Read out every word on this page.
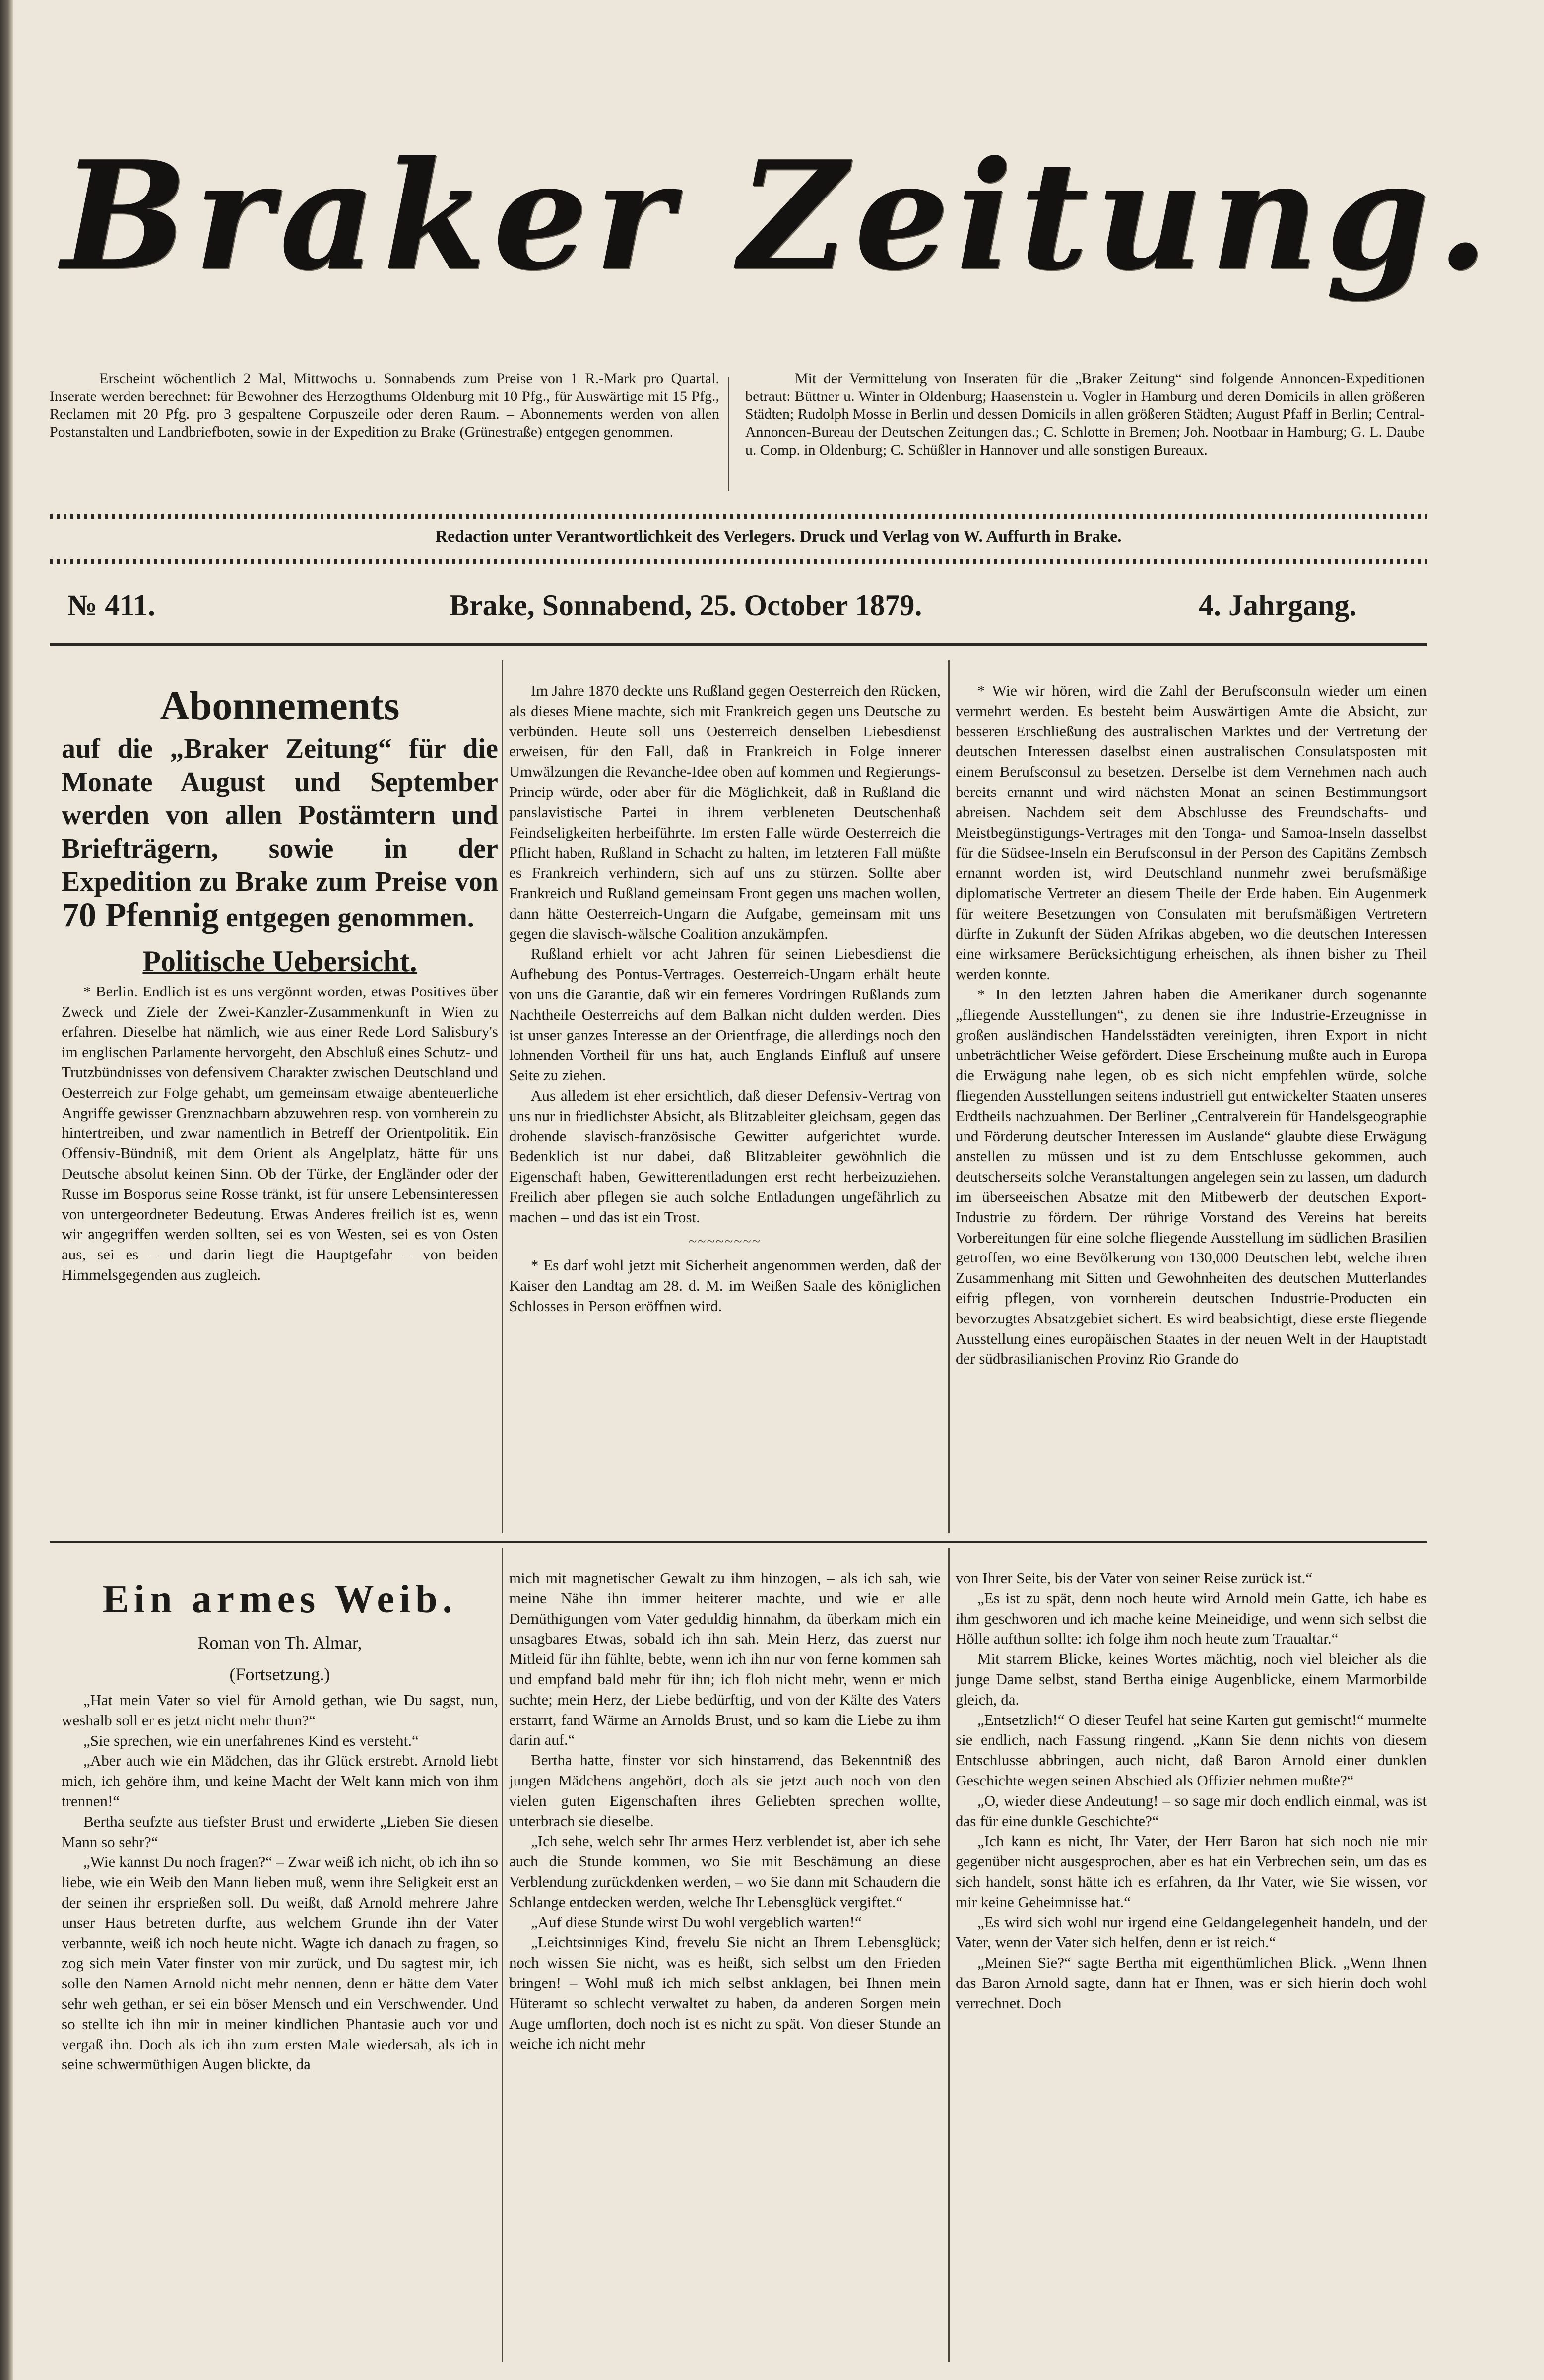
Braker Zeitung.

Erscheint wöchentlich 2 Mal, Mittwochs u. Sonnabends zum Preise von 1 R.-Mark pro Quartal. Inserate werden berechnet: für Bewohner des Herzogthums Oldenburg mit 10 Pfg., für Auswärtige mit 15 Pfg., Reclamen mit 20 Pfg. pro 3 gespaltene Corpuszeile oder deren Raum. – Abonnements werden von allen Postanstalten und Landbriefboten, sowie in der Expedition zu Brake (Grünestraße) entgegen genommen.

Mit der Vermittelung von Inseraten für die „Braker Zeitung“ sind folgende Annoncen-Expeditionen betraut: Büttner u. Winter in Oldenburg; Haasenstein u. Vogler in Hamburg und deren Domicils in allen größeren Städten; Rudolph Mosse in Berlin und dessen Domicils in allen größeren Städten; August Pfaff in Berlin; Central-Annoncen-Bureau der Deutschen Zeitungen das.; C. Schlotte in Bremen; Joh. Nootbaar in Hamburg; G. L. Daube u. Comp. in Oldenburg; C. Schüßler in Hannover und alle sonstigen Bureaux.

Redaction unter Verantwortlichkeit des Verlegers. Druck und Verlag von W. Auffurth in Brake.
№ 411.	Brake, Sonnabend, 25. October 1879.	4. Jahrgang.
Abonnements
auf die „Braker Zeitung“ für die Monate August und September werden von allen Postämtern und Briefträgern, sowie in der Expedition zu Brake zum Preise von 70 Pfennig entgegen genommen.
Politische Uebersicht.

* Berlin. Endlich ist es uns vergönnt worden, etwas Positives über Zweck und Ziele der Zwei-Kanzler-Zusammenkunft in Wien zu erfahren. Dieselbe hat nämlich, wie aus einer Rede Lord Salisbury's im englischen Parlamente hervorgeht, den Abschluß eines Schutz- und Trutzbündnisses von defensivem Charakter zwischen Deutschland und Oesterreich zur Folge gehabt, um gemeinsam etwaige abenteuerliche Angriffe gewisser Grenznachbarn abzuwehren resp. von vornherein zu hintertreiben, und zwar namentlich in Betreff der Orientpolitik. Ein Offensiv-Bündniß, mit dem Orient als Angelplatz, hätte für uns Deutsche absolut keinen Sinn. Ob der Türke, der Engländer oder der Russe im Bosporus seine Rosse tränkt, ist für unsere Lebensinteressen von untergeordneter Bedeutung. Etwas Anderes freilich ist es, wenn wir angegriffen werden sollten, sei es von Westen, sei es von Osten aus, sei es – und darin liegt die Hauptgefahr – von beiden Himmelsgegenden aus zugleich.

Im Jahre 1870 deckte uns Rußland gegen Oesterreich den Rücken, als dieses Miene machte, sich mit Frankreich gegen uns Deutsche zu verbünden. Heute soll uns Oesterreich denselben Liebesdienst erweisen, für den Fall, daß in Frankreich in Folge innerer Umwälzungen die Revanche-Idee oben auf kommen und Regierungs-Princip würde, oder aber für die Möglichkeit, daß in Rußland die panslavistische Partei in ihrem verbleneten Deutschenhaß Feindseligkeiten herbeiführte. Im ersten Falle würde Oesterreich die Pflicht haben, Rußland in Schacht zu halten, im letzteren Fall müßte es Frankreich verhindern, sich auf uns zu stürzen. Sollte aber Frankreich und Rußland gemeinsam Front gegen uns machen wollen, dann hätte Oesterreich-Ungarn die Aufgabe, gemeinsam mit uns gegen die slavisch-wälsche Coalition anzukämpfen.

Rußland erhielt vor acht Jahren für seinen Liebesdienst die Aufhebung des Pontus-Vertrages. Oesterreich-Ungarn erhält heute von uns die Garantie, daß wir ein ferneres Vordringen Rußlands zum Nachtheile Oesterreichs auf dem Balkan nicht dulden werden. Dies ist unser ganzes Interesse an der Orientfrage, die allerdings noch den lohnenden Vortheil für uns hat, auch Englands Einfluß auf unsere Seite zu ziehen.

Aus alledem ist eher ersichtlich, daß dieser Defensiv-Vertrag von uns nur in friedlichster Absicht, als Blitzableiter gleichsam, gegen das drohende slavisch-französische Gewitter aufgerichtet wurde. Bedenklich ist nur dabei, daß Blitzableiter gewöhnlich die Eigenschaft haben, Gewitterentladungen erst recht herbeizuziehen. Freilich aber pflegen sie auch solche Entladungen ungefährlich zu machen – und das ist ein Trost.

~~~~~~~~

* Es darf wohl jetzt mit Sicherheit angenommen werden, daß der Kaiser den Landtag am 28. d. M. im Weißen Saale des königlichen Schlosses in Person eröffnen wird.

* Wie wir hören, wird die Zahl der Berufsconsuln wieder um einen vermehrt werden. Es besteht beim Auswärtigen Amte die Absicht, zur besseren Erschließung des australischen Marktes und der Vertretung der deutschen Interessen daselbst einen australischen Consulatsposten mit einem Berufsconsul zu besetzen. Derselbe ist dem Vernehmen nach auch bereits ernannt und wird nächsten Monat an seinen Bestimmungsort abreisen. Nachdem seit dem Abschlusse des Freundschafts- und Meistbegünstigungs-Vertrages mit den Tonga- und Samoa-Inseln dasselbst für die Südsee-Inseln ein Berufsconsul in der Person des Capitäns Zembsch ernannt worden ist, wird Deutschland nunmehr zwei berufsmäßige diplomatische Vertreter an diesem Theile der Erde haben. Ein Augenmerk für weitere Besetzungen von Consulaten mit berufsmäßigen Vertretern dürfte in Zukunft der Süden Afrikas abgeben, wo die deutschen Interessen eine wirksamere Berücksichtigung erheischen, als ihnen bisher zu Theil werden konnte.

* In den letzten Jahren haben die Amerikaner durch sogenannte „fliegende Ausstellungen“, zu denen sie ihre Industrie-Erzeugnisse in großen ausländischen Handelsstädten vereinigten, ihren Export in nicht unbeträchtlicher Weise gefördert. Diese Erscheinung mußte auch in Europa die Erwägung nahe legen, ob es sich nicht empfehlen würde, solche fliegenden Ausstellungen seitens industriell gut entwickelter Staaten unseres Erdtheils nachzuahmen. Der Berliner „Centralverein für Handelsgeographie und Förderung deutscher Interessen im Auslande“ glaubte diese Erwägung anstellen zu müssen und ist zu dem Entschlusse gekommen, auch deutscherseits solche Veranstaltungen angelegen sein zu lassen, um dadurch im überseeischen Absatze mit den Mitbewerb der deutschen Export-Industrie zu fördern. Der rührige Vorstand des Vereins hat bereits Vorbereitungen für eine solche fliegende Ausstellung im südlichen Brasilien getroffen, wo eine Bevölkerung von 130,000 Deutschen lebt, welche ihren Zusammenhang mit Sitten und Gewohnheiten des deutschen Mutterlandes eifrig pflegen, von vornherein deutschen Industrie-Producten ein bevorzugtes Absatzgebiet sichert. Es wird beabsichtigt, diese erste fliegende Ausstellung eines europäischen Staates in der neuen Welt in der Hauptstadt der südbrasilianischen Provinz Rio Grande do

Ein armes Weib.
Roman von Th. Almar,
(Fortsetzung.)

„Hat mein Vater so viel für Arnold gethan, wie Du sagst, nun, weshalb soll er es jetzt nicht mehr thun?“

„Sie sprechen, wie ein unerfahrenes Kind es versteht.“

„Aber auch wie ein Mädchen, das ihr Glück erstrebt. Arnold liebt mich, ich gehöre ihm, und keine Macht der Welt kann mich von ihm trennen!“

Bertha seufzte aus tiefster Brust und erwiderte „Lieben Sie diesen Mann so sehr?“

„Wie kannst Du noch fragen?“ – Zwar weiß ich nicht, ob ich ihn so liebe, wie ein Weib den Mann lieben muß, wenn ihre Seligkeit erst an der seinen ihr ersprießen soll. Du weißt, daß Arnold mehrere Jahre unser Haus betreten durfte, aus welchem Grunde ihn der Vater verbannte, weiß ich noch heute nicht. Wagte ich danach zu fragen, so zog sich mein Vater finster von mir zurück, und Du sagtest mir, ich solle den Namen Arnold nicht mehr nennen, denn er hätte dem Vater sehr weh gethan, er sei ein böser Mensch und ein Verschwender. Und so stellte ich ihn mir in meiner kindlichen Phantasie auch vor und vergaß ihn. Doch als ich ihn zum ersten Male wiedersah, als ich in seine schwermüthigen Augen blickte, da

mich mit magnetischer Gewalt zu ihm hinzogen, – als ich sah, wie meine Nähe ihn immer heiterer machte, und wie er alle Demüthigungen vom Vater geduldig hinnahm, da überkam mich ein unsagbares Etwas, sobald ich ihn sah. Mein Herz, das zuerst nur Mitleid für ihn fühlte, bebte, wenn ich ihn nur von ferne kommen sah und empfand bald mehr für ihn; ich floh nicht mehr, wenn er mich suchte; mein Herz, der Liebe bedürftig, und von der Kälte des Vaters erstarrt, fand Wärme an Arnolds Brust, und so kam die Liebe zu ihm darin auf.“

Bertha hatte, finster vor sich hinstarrend, das Bekenntniß des jungen Mädchens angehört, doch als sie jetzt auch noch von den vielen guten Eigenschaften ihres Geliebten sprechen wollte, unterbrach sie dieselbe.

„Ich sehe, welch sehr Ihr armes Herz verblendet ist, aber ich sehe auch die Stunde kommen, wo Sie mit Beschämung an diese Verblendung zurückdenken werden, – wo Sie dann mit Schaudern die Schlange entdecken werden, welche Ihr Lebensglück vergiftet.“

„Auf diese Stunde wirst Du wohl vergeblich warten!“

„Leichtsinniges Kind, frevelu Sie nicht an Ihrem Lebensglück; noch wissen Sie nicht, was es heißt, sich selbst um den Frieden bringen! – Wohl muß ich mich selbst anklagen, bei Ihnen mein Hüteramt so schlecht verwaltet zu haben, da anderen Sorgen mein Auge umflorten, doch noch ist es nicht zu spät. Von dieser Stunde an weiche ich nicht mehr

von Ihrer Seite, bis der Vater von seiner Reise zurück ist.“

„Es ist zu spät, denn noch heute wird Arnold mein Gatte, ich habe es ihm geschworen und ich mache keine Meineidige, und wenn sich selbst die Hölle aufthun sollte: ich folge ihm noch heute zum Traualtar.“

Mit starrem Blicke, keines Wortes mächtig, noch viel bleicher als die junge Dame selbst, stand Bertha einige Augenblicke, einem Marmorbilde gleich, da.

„Entsetzlich!“ O dieser Teufel hat seine Karten gut gemischt!“ murmelte sie endlich, nach Fassung ringend. „Kann Sie denn nichts von diesem Entschlusse abbringen, auch nicht, daß Baron Arnold einer dunklen Geschichte wegen seinen Abschied als Offizier nehmen mußte?“

„O, wieder diese Andeutung! – so sage mir doch endlich einmal, was ist das für eine dunkle Geschichte?“

„Ich kann es nicht, Ihr Vater, der Herr Baron hat sich noch nie mir gegenüber nicht ausgesprochen, aber es hat ein Verbrechen sein, um das es sich handelt, sonst hätte ich es erfahren, da Ihr Vater, wie Sie wissen, vor mir keine Geheimnisse hat.“

„Es wird sich wohl nur irgend eine Geldangelegenheit handeln, und der Vater, wenn der Vater sich helfen, denn er ist reich.“

„Meinen Sie?“ sagte Bertha mit eigenthümlichen Blick. „Wenn Ihnen das Baron Arnold sagte, dann hat er Ihnen, was er sich hierin doch wohl verrechnet. Doch
